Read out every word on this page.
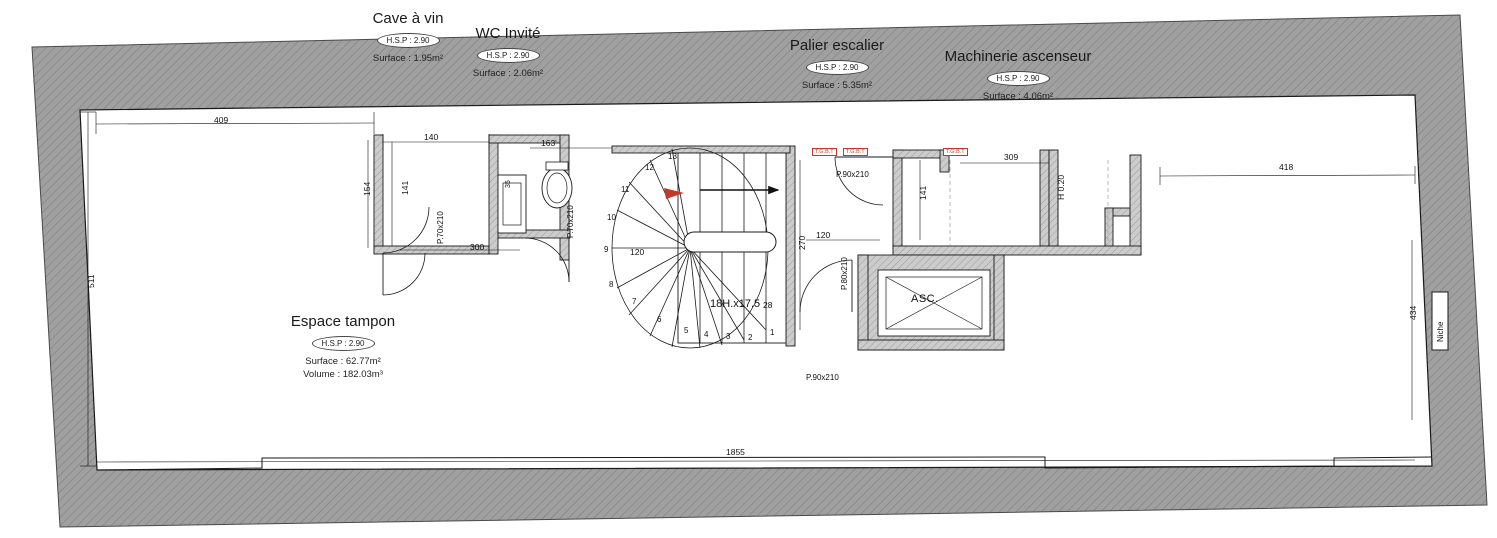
Cave à vin
H.S.P : 2.90
Surface : 1.95m²
WC Invité
H.S.P : 2.90
Surface : 2.06m²
Palier escalier
H.S.P : 2.90
Surface : 5.35m²
Machinerie ascenseur
H.S.P : 2.90
Surface : 4.06m²
Espace tampon
H.S.P : 2.90
Surface : 62.77m²
Volume : 182.03m³
409
140
163'
309
418
154	141
300
511
270
120
120
141	H 0.20
434
28
1855
35
P.70x210	P.70x210
P.90x210
P.80x210
P.90x210
T.G.B.T	T.G.B.T	T.G.B.T
18H.x17.5
1
2
3
4
5
6
7
8
9
10
11
12
13
ASC.
Niche
